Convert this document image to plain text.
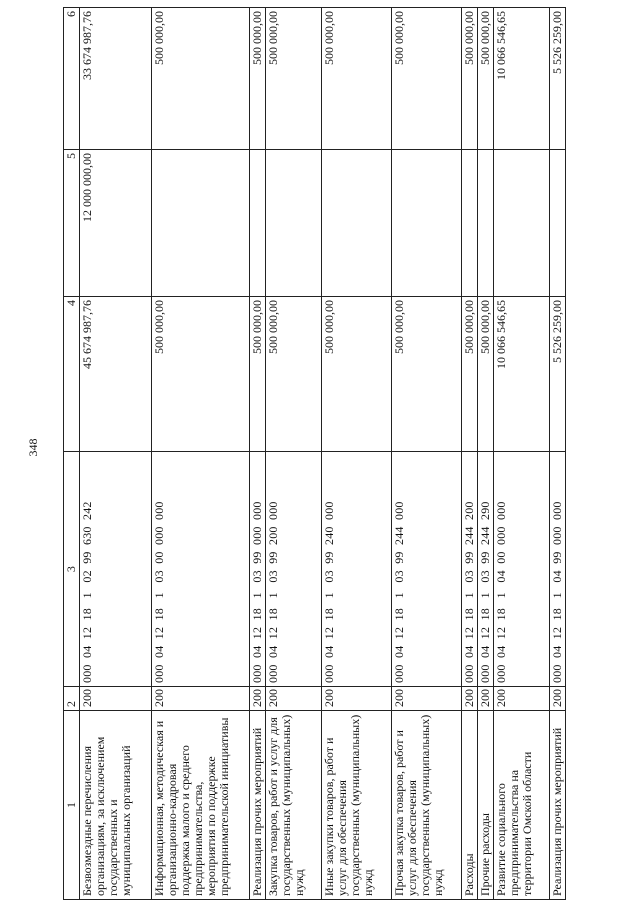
348
1	2	3	4	5	6
Безвозмездные перечисления организациям, за исключением государственных и муниципальных организаций	200	000  04  12  18   1   02  99  630  242	45 674 987,76	12 000 000,00	33 674 987,76
Информационная, методическая и организационно-кадровая поддержка малого и среднего предпринимательства, мероприятия по поддержке предпринимательской инициативы	200	000  04  12  18   1   03  00  000  000	500 000,00		500 000,00
Реализация прочих мероприятий	200	000  04  12  18   1   03  99  000  000	500 000,00		500 000,00
Закупка товаров, работ и услуг для государственных (муниципальных) нужд	200	000  04  12  18   1   03  99  200  000	500 000,00		500 000,00
Иные закупки товаров, работ и услуг для обеспечения государственных (муниципальных) нужд	200	000  04  12  18   1   03  99  240  000	500 000,00		500 000,00
Прочая закупка товаров, работ и услуг для обеспечения государственных (муниципальных) нужд	200	000  04  12  18   1   03  99  244  000	500 000,00		500 000,00
Расходы	200	000  04  12  18   1   03  99  244  200	500 000,00		500 000,00
Прочие расходы	200	000  04  12  18   1   03  99  244  290	500 000,00		500 000,00
Развитие социального предпринимательства на территории Омской области	200	000  04  12  18   1   04  00  000  000	10 066 546,65		10 066 546,65
Реализация прочих мероприятий	200	000  04  12  18   1   04  99  000  000	5 526 259,00		5 526 259,00
